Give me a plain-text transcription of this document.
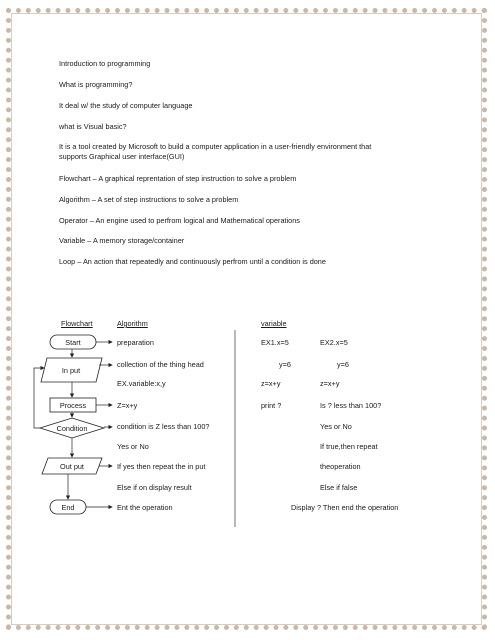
Introduction to programming
What is programming?
It deal w/ the study of computer language
what is Visual basic?
It is a tool created by Microsoft to build a computer application in a user-friendly environment that
supports Graphical user interface(GUI)
Flowchart – A graphical reprentation of step instruction to solve a problem
Algorithm – A set of step instructions to solve a problem
Operator – An engine used to perfrom logical and Mathematical operations
Variable – A memory storage/container
Loop – An action that repeatedly and continuously perfrom until a condition is done
Flowchart	Algorithm	variable
Start
In put
Process
Condition
Out put
End
preparation
collection of the thing head
EX.variable:x,y
Z=x+y
condition is Z less than 100?
Yes or No
If yes then repeat the in put
Else if on display result
Ent the operation
EX1.x=5
y=6
z=x+y
print ?
EX2.x=5
y=6
z=x+y
Is ? less than 100?
Yes or No
If true,then repeat
theoperation
Else if false
Display ? Then end the operation
